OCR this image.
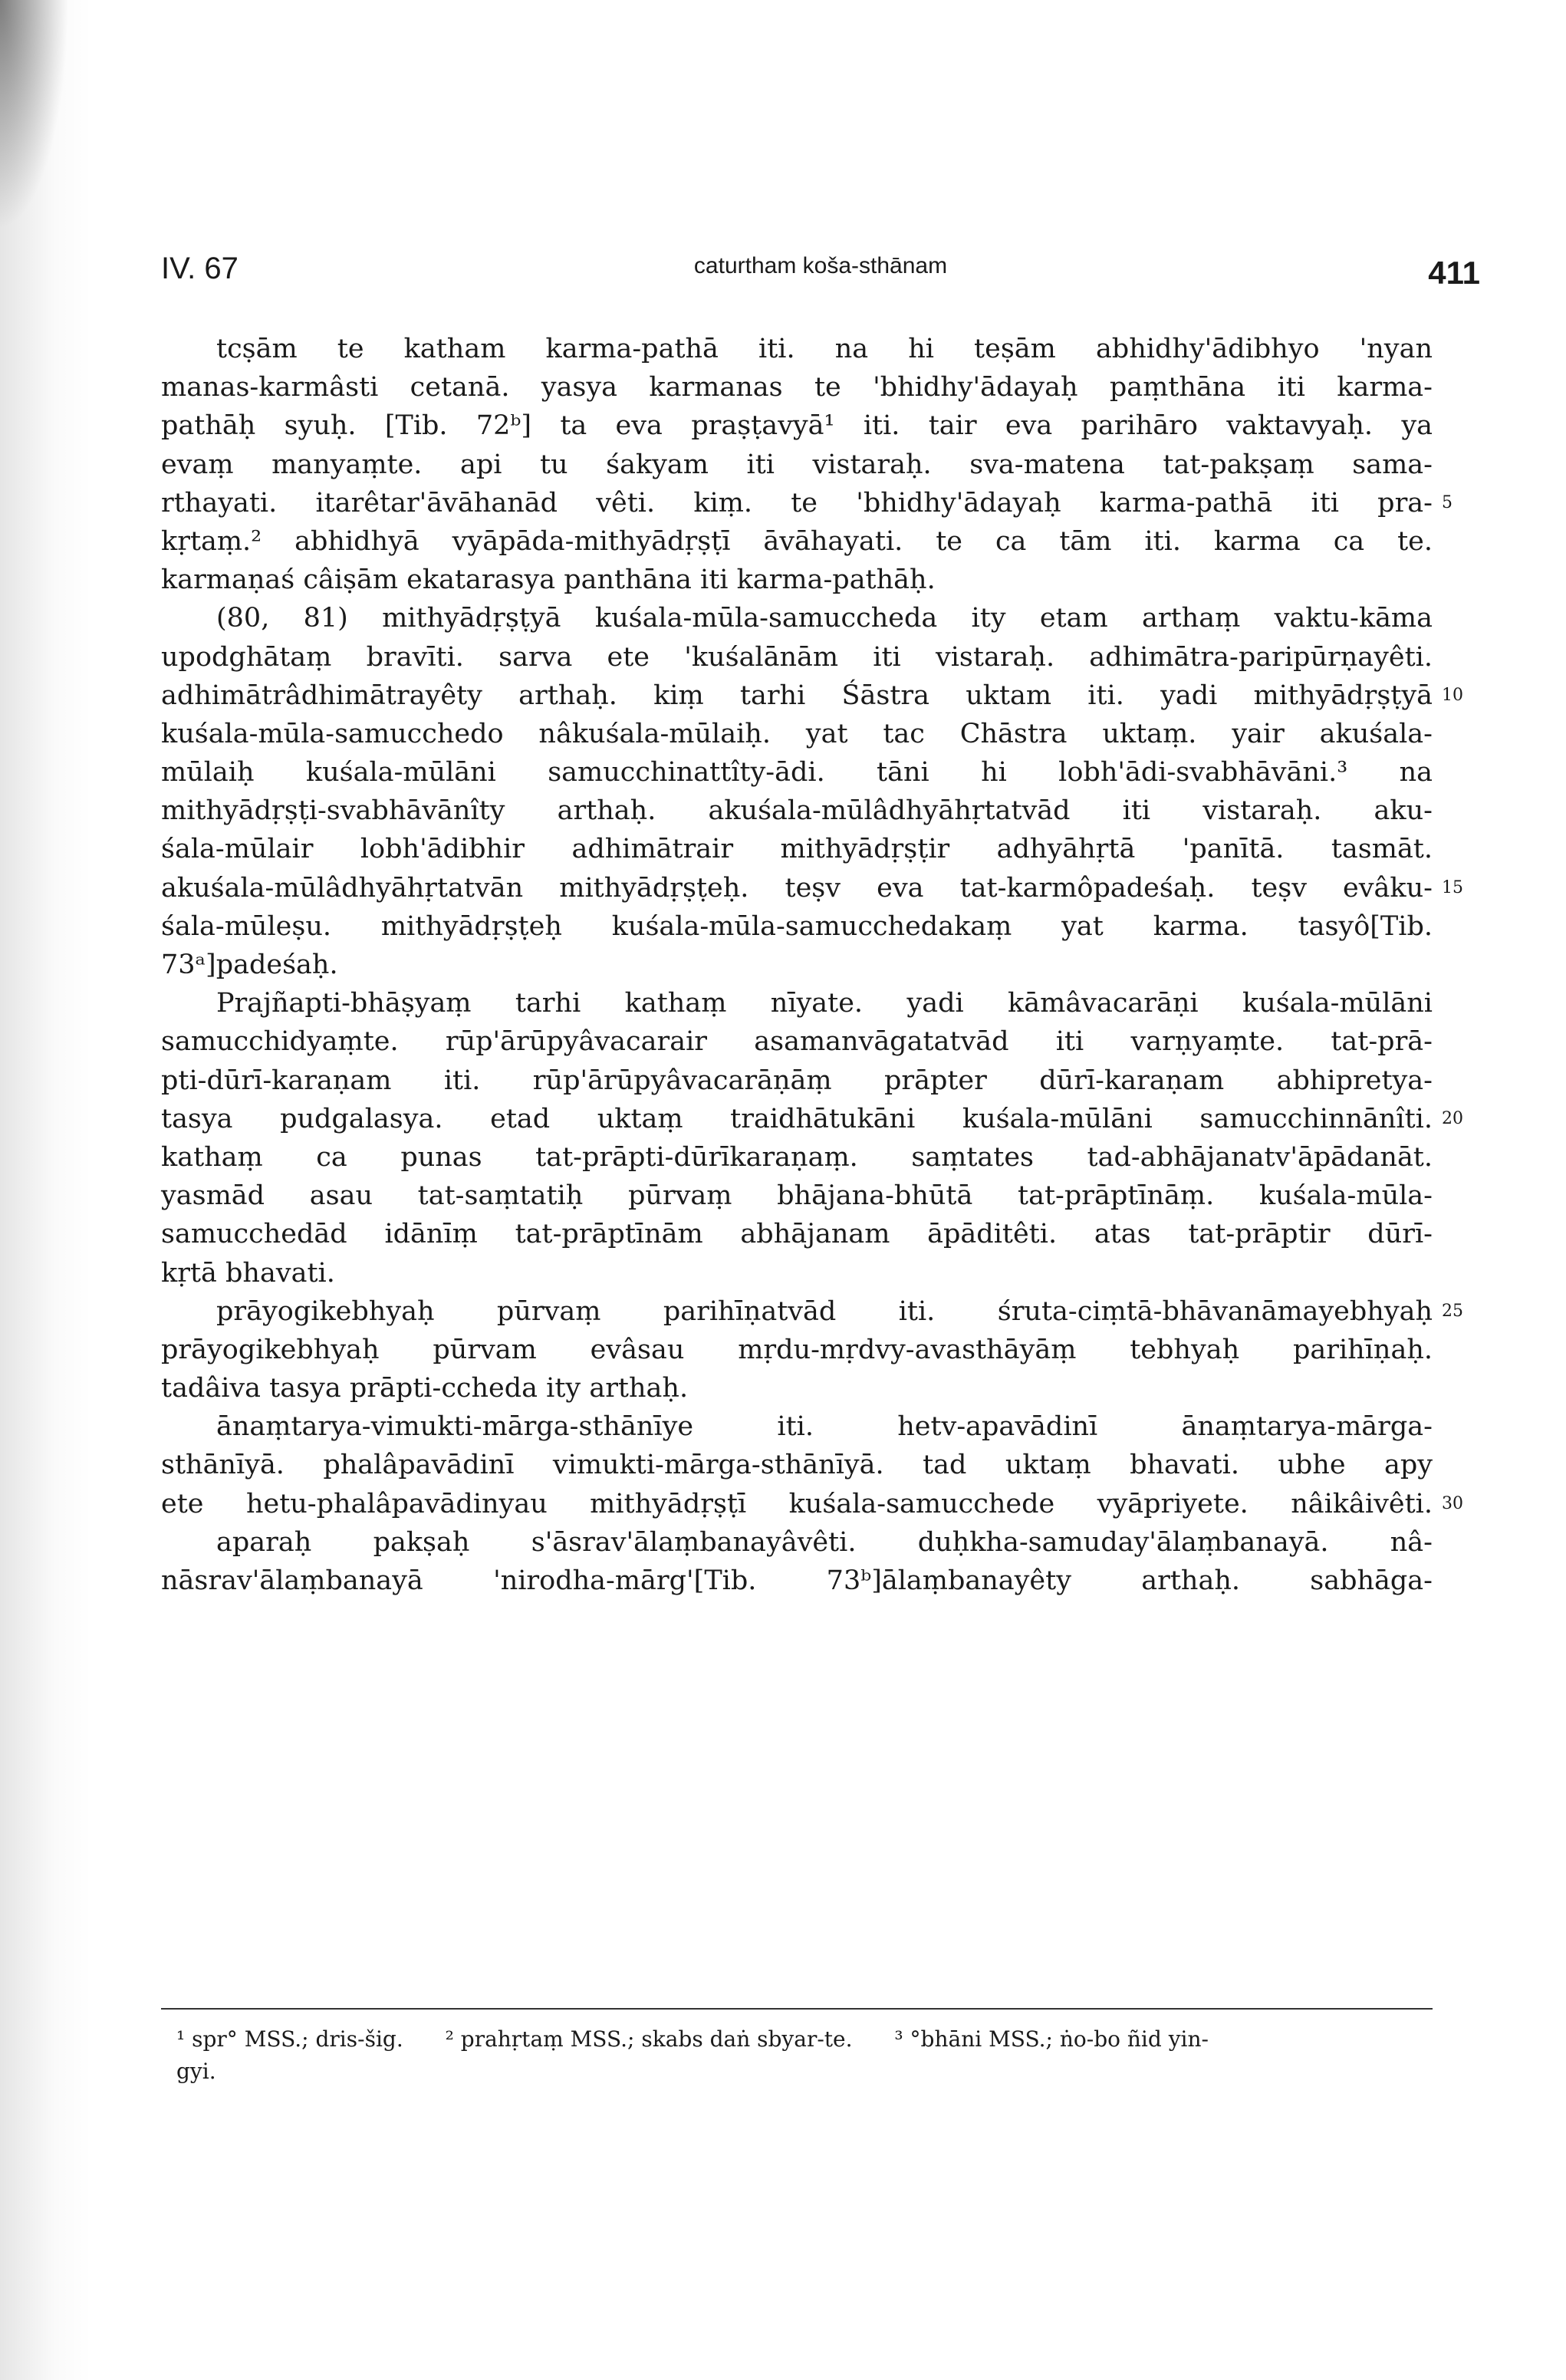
IV. 67	caturtham koša-sthānam	411
tcṣām te katham karma-pathā iti. na hi teṣām abhidhy'ādibhyo 'nyan
manas-karmâsti cetanā. yasya karmanas te 'bhidhy'ādayaḥ paṃthāna iti karma-
pathāḥ syuḥ. [Tib. 72ᵇ] ta eva praṣṭavyā¹ iti. tair eva parihāro vaktavyaḥ. ya
evaṃ manyaṃte. api tu śakyam iti vistaraḥ. sva-matena tat-pakṣaṃ sama-
rthayati. itarêtar'āvāhanād vêti. kiṃ. te 'bhidhy'ādayaḥ karma-pathā iti pra-
kṛtaṃ.² abhidhyā vyāpāda-mithyādṛṣṭī āvāhayati. te ca tām iti. karma ca te.
karmaṇaś câiṣām ekatarasya panthāna iti karma-pathāḥ.
(80, 81) mithyādṛṣṭyā kuśala-mūla-samuccheda ity etam arthaṃ vaktu-kāma
upodghātaṃ bravīti. sarva ete 'kuśalānām iti vistaraḥ. adhimātra-paripūrṇayêti.
adhimātrâdhimātrayêty arthaḥ. kiṃ tarhi Śāstra uktam iti. yadi mithyādṛṣṭyā
kuśala-mūla-samucchedo nâkuśala-mūlaiḥ. yat tac Chāstra uktaṃ. yair akuśala-
mūlaiḥ kuśala-mūlāni samucchinattîty-ādi. tāni hi lobh'ādi-svabhāvāni.³ na
mithyādṛṣṭi-svabhāvānîty arthaḥ. akuśala-mūlâdhyāhṛtatvād iti vistaraḥ. aku-
śala-mūlair lobh'ādibhir adhimātrair mithyādṛṣṭir adhyāhṛtā 'panītā. tasmāt.
akuśala-mūlâdhyāhṛtatvān mithyādṛṣṭeḥ. teṣv eva tat-karmôpadeśaḥ. teṣv evâku-
śala-mūleṣu. mithyādṛṣṭeḥ kuśala-mūla-samucchedakaṃ yat karma. tasyô[Tib.
73ᵃ]padeśaḥ.
Prajñapti-bhāṣyaṃ tarhi kathaṃ nīyate. yadi kāmâvacarāṇi kuśala-mūlāni
samucchidyaṃte. rūp'ārūpyâvacarair asamanvāgatatvād iti varṇyaṃte. tat-prā-
pti-dūrī-karaṇam iti. rūp'ārūpyâvacarāṇāṃ prāpter dūrī-karaṇam abhipretya-
tasya pudgalasya. etad uktaṃ traidhātukāni kuśala-mūlāni samucchinnānîti.
kathaṃ ca punas tat-prāpti-dūrīkaraṇaṃ. saṃtates tad-abhājanatv'āpādanāt.
yasmād asau tat-saṃtatiḥ pūrvaṃ bhājana-bhūtā tat-prāptīnāṃ. kuśala-mūla-
samucchedād idānīṃ tat-prāptīnām abhājanam āpāditêti. atas tat-prāptir dūrī-
kṛtā bhavati.
prāyogikebhyaḥ pūrvaṃ parihīṇatvād iti. śruta-ciṃtā-bhāvanāmayebhyaḥ
prāyogikebhyaḥ pūrvam evâsau mṛdu-mṛdvy-avasthāyāṃ tebhyaḥ parihīṇaḥ.
tadâiva tasya prāpti-ccheda ity arthaḥ.
ānaṃtarya-vimukti-mārga-sthānīye iti. hetv-apavādinī ānaṃtarya-mārga-
sthānīyā. phalâpavādinī vimukti-mārga-sthānīyā. tad uktaṃ bhavati. ubhe apy
ete hetu-phalâpavādinyau mithyādṛṣṭī kuśala-samucchede vyāpriyete. nâikâivêti.
aparaḥ pakṣaḥ s'āsrav'ālaṃbanayâvêti. duḥkha-samuday'ālaṃbanayā. nâ-
nāsrav'ālaṃbanayā 'nirodha-mārg'[Tib. 73ᵇ]ālaṃbanayêty arthaḥ. sabhāga-
5
10
15
20
25
30
¹ spr° MSS.; dris-šig. ² prahṛtaṃ MSS.; skabs daṅ sbyar-te. ³ °bhāni MSS.; ṅo-bo ñid yin-
gyi.
